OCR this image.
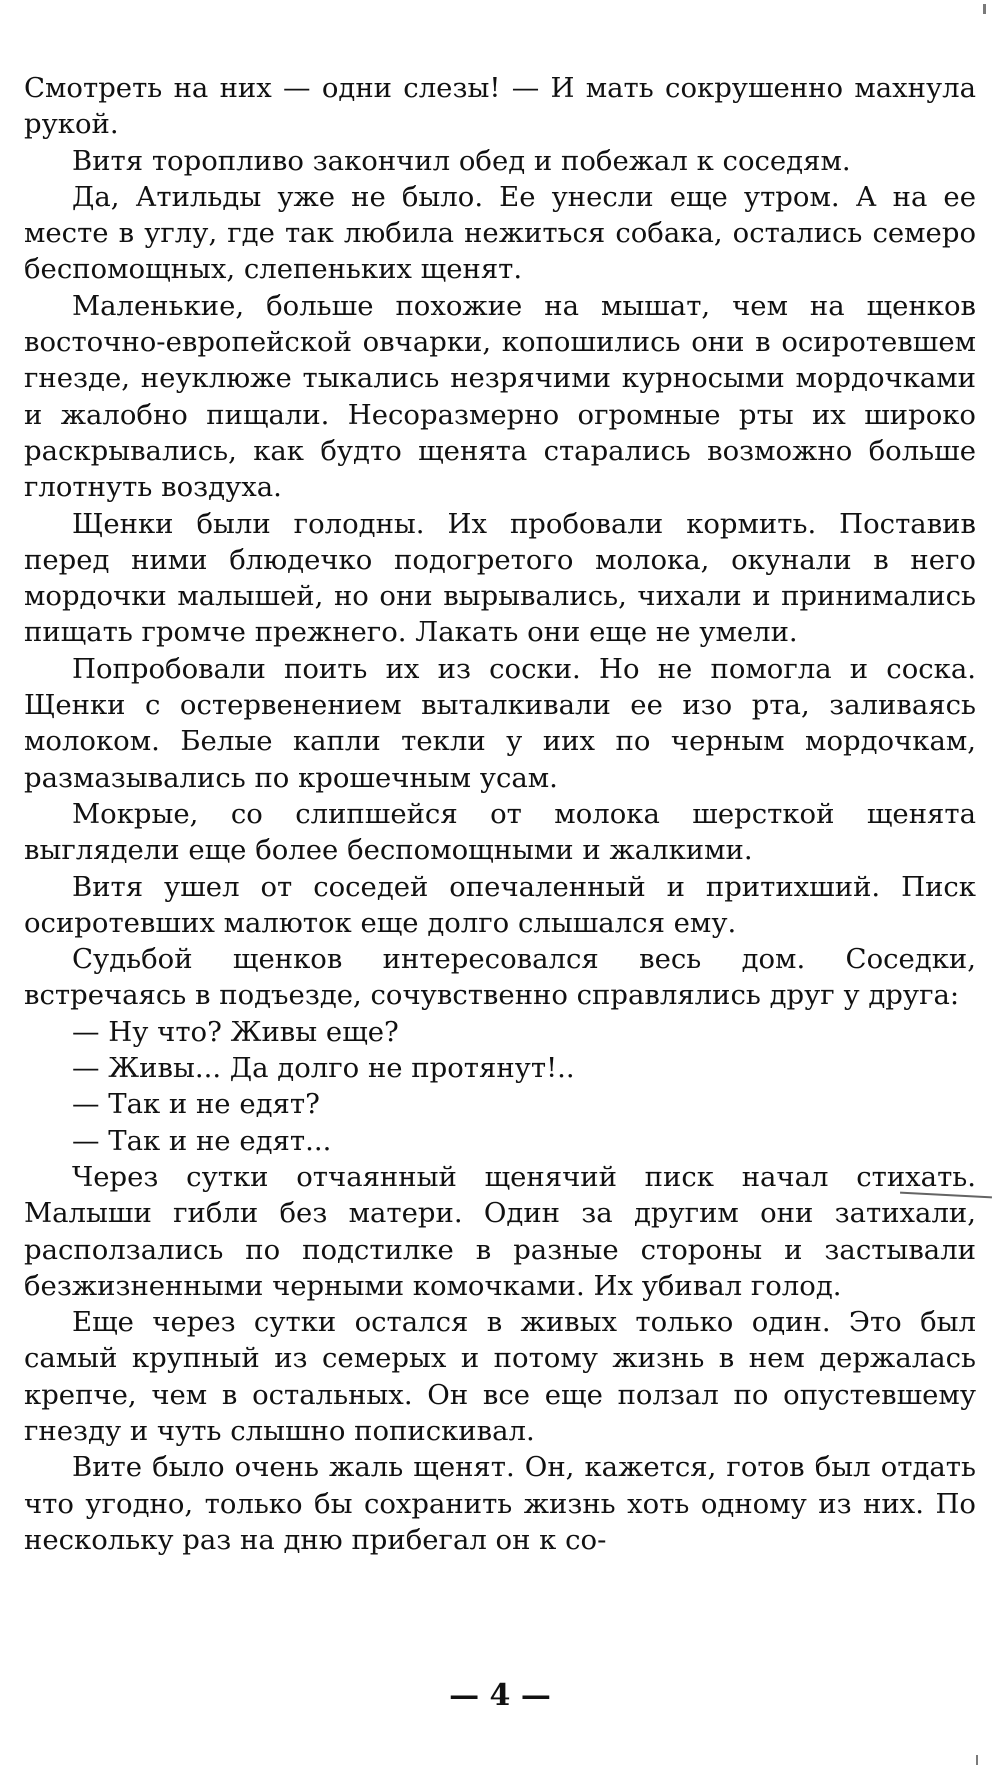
Смотреть на них — одни слезы! — И мать сокрушенно махнула рукой.

Витя торопливо закончил обед и побежал к соседям.

Да, Атильды уже не было. Ее унесли еще утром. А на ее месте в углу, где так любила нежиться собака, остались семеро беспомощных, слепеньких щенят.

Маленькие, больше похожие на мышат, чем на щенков восточно-европейской овчарки, копошились они в осиротевшем гнезде, неуклюже тыкались незрячими курносыми мордочками и жалобно пищали. Несоразмерно огромные рты их широко раскрывались, как будто щенята старались возможно больше глотнуть воздуха.

Щенки были голодны. Их пробовали кормить. Поставив перед ними блюдечко подогретого молока, окунали в него мордочки малышей, но они вырывались, чихали и принимались пищать громче прежнего. Лакать они еще не умели.

Попробовали поить их из соски. Но не помогла и соска. Щенки с остервенением выталкивали ее изо рта, заливаясь молоком. Белые капли текли у иих по черным мордочкам, размазывались по крошечным усам.

Мокрые, со слипшейся от молока шерсткой щенята выглядели еще более беспомощными и жалкими.

Витя ушел от соседей опечаленный и притихший. Писк осиротевших малюток еще долго слышался ему.

Судьбой щенков интересовался весь дом. Соседки, встречаясь в подъезде, сочувственно справлялись друг у друга:

— Ну что? Живы еще?

— Живы... Да долго не протянут!..

— Так и не едят?

— Так и не едят...

Через сутки отчаянный щенячий писк начал стихать. Малыши гибли без матери. Один за другим они затихали, расползались по подстилке в разные стороны и застывали безжизненными черными комочками. Их убивал голод.

Еще через сутки остался в живых только один. Это был самый крупный из семерых и потому жизнь в нем держалась крепче, чем в остальных. Он все еще ползал по опустевшему гнезду и чуть слышно попискивал.

Вите было очень жаль щенят. Он, кажется, готов был отдать что угодно, только бы сохранить жизнь хоть одному из них. По нескольку раз на дню прибегал он к со-

— 4 —
